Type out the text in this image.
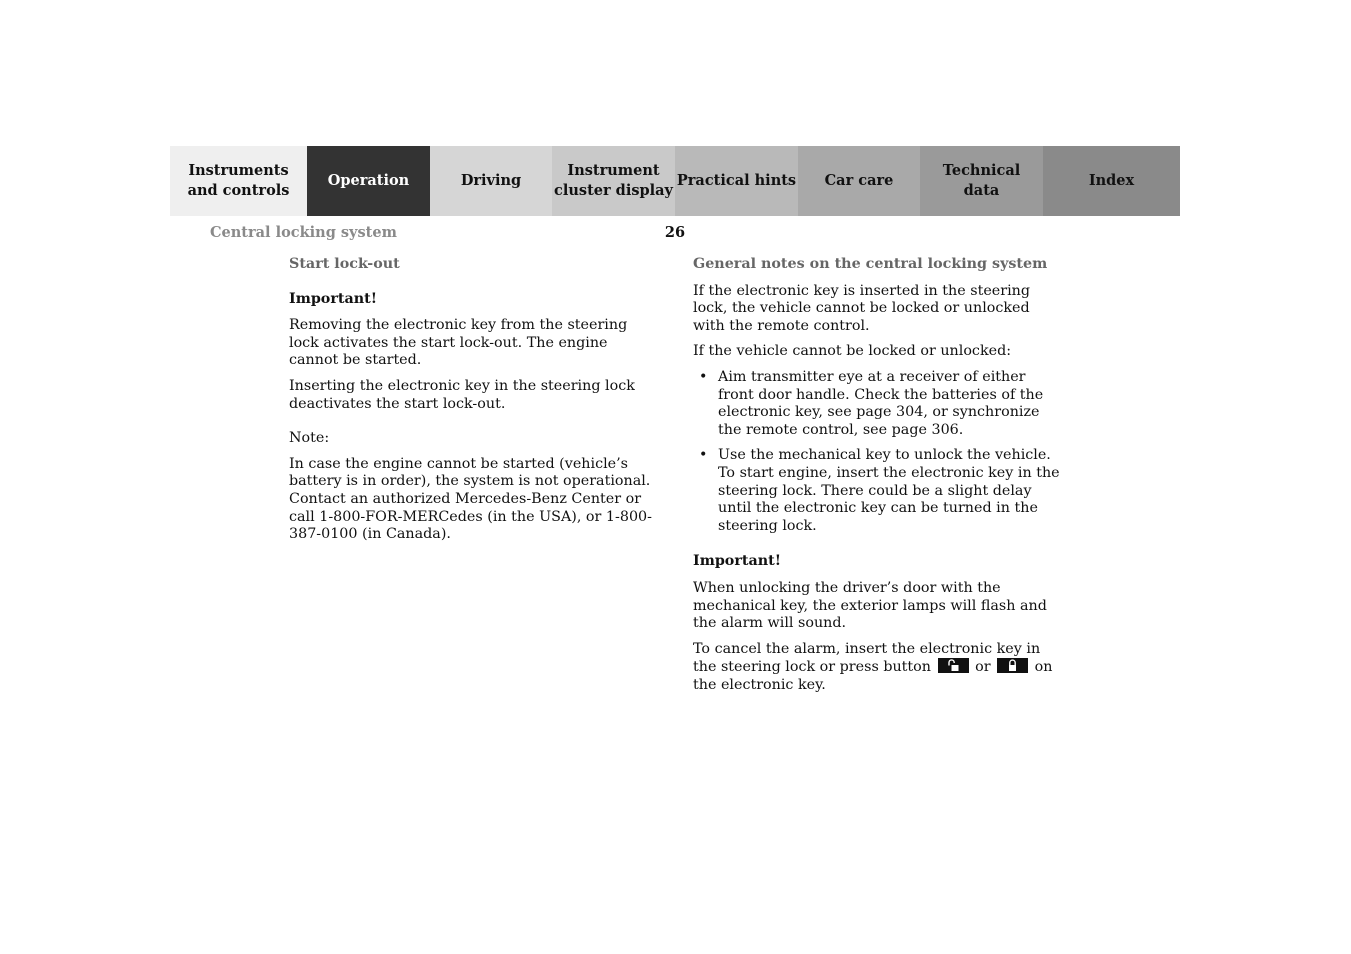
Instruments
and controls
Operation	Driving
Instrument
cluster display
Practical hints Car care
Technical
data
Index
Central locking system	26
Start lock-out
Important!

Removing the electronic key from the steering lock activates the start lock-out. The engine cannot be started.

Inserting the electronic key in the steering lock deactivates the start lock-out.

Note:

In case the engine cannot be started (vehicle’s battery is in order), the system is not operational. Contact an authorized Mercedes-Benz Center or call 1-800-FOR-MERCedes (in the USA), or 1-800-387-0100 (in Canada).

General notes on the central locking system

If the electronic key is inserted in the steering lock, the vehicle cannot be locked or unlocked with the remote control.

If the vehicle cannot be locked or unlocked:

• Aim transmitter eye at a receiver of either front door handle. Check the batteries of the electronic key, see page 304, or synchronize the remote control, see page 306.
• Use the mechanical key to unlock the vehicle. To start engine, insert the electronic key in the steering lock. There could be a slight delay until the electronic key can be turned in the steering lock.
Important!

When unlocking the driver’s door with the mechanical key, the exterior lamps will flash and the alarm will sound.

To cancel the alarm, insert the electronic key in the steering lock or press button	or	on the electronic key.
